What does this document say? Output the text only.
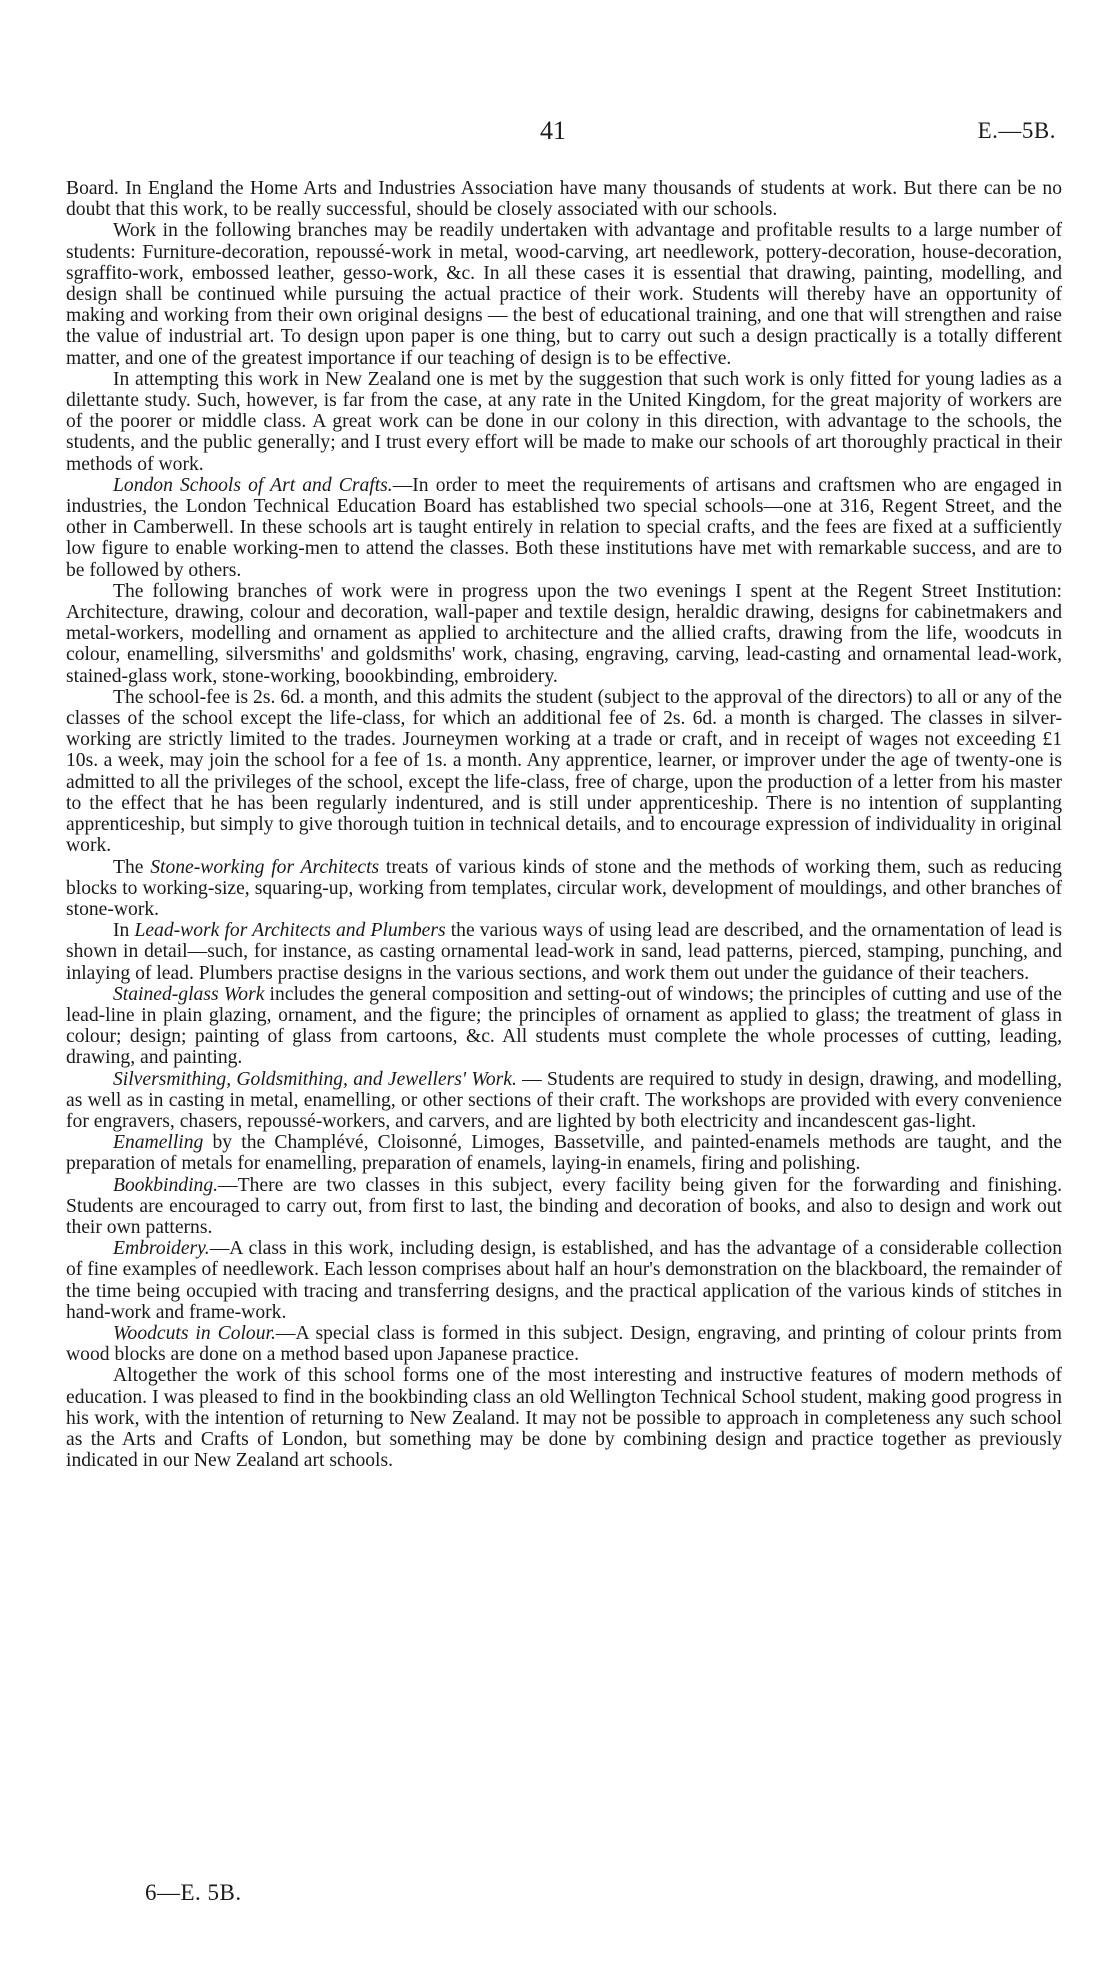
41	E.—5B.

Board. In England the Home Arts and Industries Association have many thousands of students at work. But there can be no doubt that this work, to be really successful, should be closely associated with our schools.

Work in the following branches may be readily undertaken with advantage and profitable results to a large number of students: Furniture-decoration, repoussé-work in metal, wood-carving, art needlework, pottery-decoration, house-decoration, sgraffito-work, embossed leather, gesso-work, &c. In all these cases it is essential that drawing, painting, modelling, and design shall be continued while pursuing the actual practice of their work. Students will thereby have an opportunity of making and working from their own original designs — the best of educational training, and one that will strengthen and raise the value of industrial art. To design upon paper is one thing, but to carry out such a design practically is a totally different matter, and one of the greatest importance if our teaching of design is to be effective.

In attempting this work in New Zealand one is met by the suggestion that such work is only fitted for young ladies as a dilettante study. Such, however, is far from the case, at any rate in the United Kingdom, for the great majority of workers are of the poorer or middle class. A great work can be done in our colony in this direction, with advantage to the schools, the students, and the public generally; and I trust every effort will be made to make our schools of art thoroughly practical in their methods of work.

London Schools of Art and Crafts.—In order to meet the requirements of artisans and craftsmen who are engaged in industries, the London Technical Education Board has established two special schools—one at 316, Regent Street, and the other in Camberwell. In these schools art is taught entirely in relation to special crafts, and the fees are fixed at a sufficiently low figure to enable working-men to attend the classes. Both these institutions have met with remarkable success, and are to be followed by others.

The following branches of work were in progress upon the two evenings I spent at the Regent Street Institution: Architecture, drawing, colour and decoration, wall-paper and textile design, heraldic drawing, designs for cabinetmakers and metal-workers, modelling and ornament as applied to architecture and the allied crafts, drawing from the life, woodcuts in colour, enamelling, silversmiths' and goldsmiths' work, chasing, engraving, carving, lead-casting and ornamental lead-work, stained-glass work, stone-working, boookbinding, embroidery.

The school-fee is 2s. 6d. a month, and this admits the student (subject to the approval of the directors) to all or any of the classes of the school except the life-class, for which an additional fee of 2s. 6d. a month is charged. The classes in silver-working are strictly limited to the trades. Journeymen working at a trade or craft, and in receipt of wages not exceeding £1 10s. a week, may join the school for a fee of 1s. a month. Any apprentice, learner, or improver under the age of twenty-one is admitted to all the privileges of the school, except the life-class, free of charge, upon the production of a letter from his master to the effect that he has been regularly indentured, and is still under apprenticeship. There is no intention of supplanting apprenticeship, but simply to give thorough tuition in technical details, and to encourage expression of individuality in original work.

The Stone-working for Architects treats of various kinds of stone and the methods of working them, such as reducing blocks to working-size, squaring-up, working from templates, circular work, development of mouldings, and other branches of stone-work.

In Lead-work for Architects and Plumbers the various ways of using lead are described, and the ornamentation of lead is shown in detail—such, for instance, as casting ornamental lead-work in sand, lead patterns, pierced, stamping, punching, and inlaying of lead. Plumbers practise designs in the various sections, and work them out under the guidance of their teachers.

Stained-glass Work includes the general composition and setting-out of windows; the principles of cutting and use of the lead-line in plain glazing, ornament, and the figure; the principles of ornament as applied to glass; the treatment of glass in colour; design; painting of glass from cartoons, &c. All students must complete the whole processes of cutting, leading, drawing, and painting.

Silversmithing, Goldsmithing, and Jewellers' Work. — Students are required to study in design, drawing, and modelling, as well as in casting in metal, enamelling, or other sections of their craft. The workshops are provided with every convenience for engravers, chasers, repoussé-workers, and carvers, and are lighted by both electricity and incandescent gas-light.

Enamelling by the Champlévé, Cloisonné, Limoges, Bassetville, and painted-enamels methods are taught, and the preparation of metals for enamelling, preparation of enamels, laying-in enamels, firing and polishing.

Bookbinding.—There are two classes in this subject, every facility being given for the forwarding and finishing. Students are encouraged to carry out, from first to last, the binding and decoration of books, and also to design and work out their own patterns.

Embroidery.—A class in this work, including design, is established, and has the advantage of a considerable collection of fine examples of needlework. Each lesson comprises about half an hour's demonstration on the blackboard, the remainder of the time being occupied with tracing and transferring designs, and the practical application of the various kinds of stitches in hand-work and frame-work.

Woodcuts in Colour.—A special class is formed in this subject. Design, engraving, and printing of colour prints from wood blocks are done on a method based upon Japanese practice.

Altogether the work of this school forms one of the most interesting and instructive features of modern methods of education. I was pleased to find in the bookbinding class an old Wellington Technical School student, making good progress in his work, with the intention of returning to New Zealand. It may not be possible to approach in completeness any such school as the Arts and Crafts of London, but something may be done by combining design and practice together as previously indicated in our New Zealand art schools.

6—E. 5B.
